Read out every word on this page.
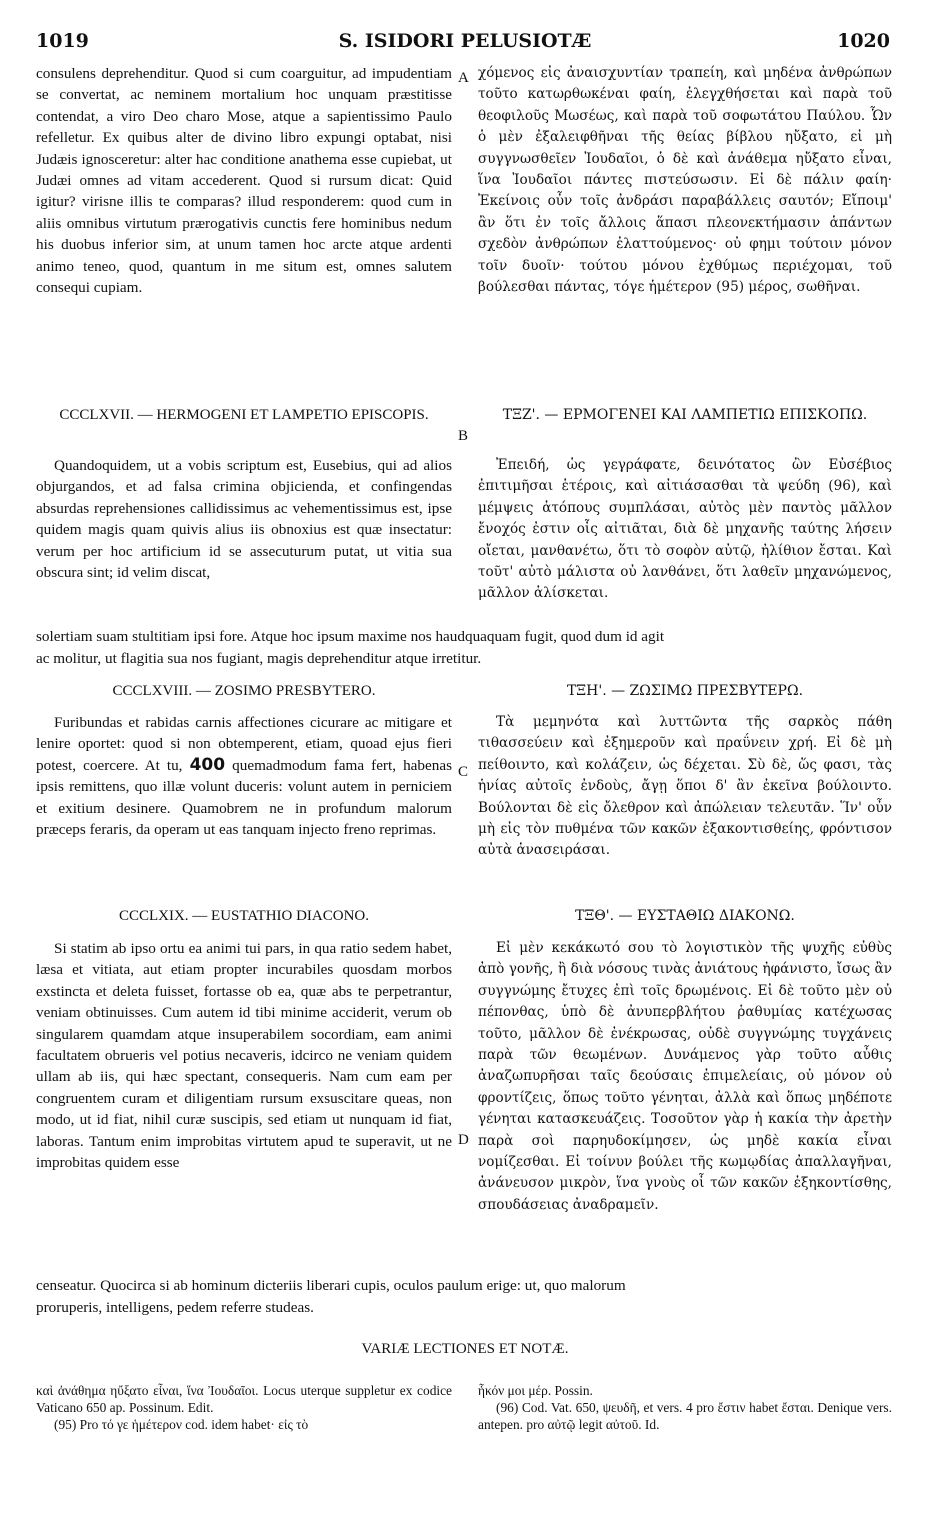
1019	S. ISIDORI PELUSIOTÆ	1020

consulens deprehenditur. Quod si cum coarguitur, ad impudentiam se convertat, ac neminem mortalium hoc unquam præstitisse contendat, a viro Deo charo Mose, atque a sapientissimo Paulo refelletur. Ex quibus alter de divino libro expungi optabat, nisi Judæis ignosceretur: alter hac conditione anathema esse cupiebat, ut Judæi omnes ad vitam accederent. Quod si rursum dicat: Quid igitur? virisne illis te comparas? illud responderem: quod cum in aliis omnibus virtutum prærogativis cunctis fere hominibus nedum his duobus inferior sim, at unum tamen hoc arcte atque ardenti animo teneo, quod, quantum in me situm est, omnes salutem consequi cupiam.

A χόμενος εἰς ἀναισχυντίαν τραπείη, καὶ μηδένα ἀνθρώπων τοῦτο κατωρθωκέναι φαίη, ἐλεγχθήσεται καὶ παρὰ τοῦ θεοφιλοῦς Μωσέως, καὶ παρὰ τοῦ σοφωτάτου Παύλου. Ὧν ὁ μὲν ἐξαλειφθῆναι τῆς θείας βίβλου ηὔξατο, εἰ μὴ συγγνωσθεῖεν Ἰουδαῖοι, ὁ δὲ καὶ ἀνάθεμα ηὔξατο εἶναι, ἵνα Ἰουδαῖοι πάντες πιστεύσωσιν. Εἰ δὲ πάλιν φαίη· Ἐκείνοις οὖν τοῖς ἀνδράσι παραβάλλεις σαυτόν; Εἴποιμ' ἂν ὅτι ἐν τοῖς ἄλλοις ἅπασι πλεονεκτήμασιν ἁπάντων σχεδὸν ἀνθρώπων ἐλαττούμενος· οὐ φημι τούτοιν μόνον τοῖν δυοῖν· τούτου μόνου ἐχθύμως περιέχομαι, τοῦ βούλεσθαι πάντας, τόγε ἡμέτερον (95) μέρος, σωθῆναι.

CCCLXVII. — HERMOGENI ET LAMPETIO EPISCOPIS.
B
ΤΞΖ'. — ΕΡΜΟΓΕΝΕΙ ΚΑΙ ΛΑΜΠΕΤΙΩ ΕΠΙΣΚΟΠΩ.

Quandoquidem, ut a vobis scriptum est, Eusebius, qui ad alios objurgandos, et ad falsa crimina objicienda, et confingendas absurdas reprehensiones callidissimus ac vehementissimus est, ipse quidem magis quam quivis alius iis obnoxius est quæ insectatur: verum per hoc artificium id se assecuturum putat, ut vitia sua obscura sint; id velim discat,

Ἐπειδή, ὡς γεγράφατε, δεινότατος ὢν Εὐσέβιος ἐπιτιμῆσαι ἑτέροις, καὶ αἰτιάσασθαι τὰ ψεύδη (96), καὶ μέμψεις ἀτόπους συμπλάσαι, αὐτὸς μὲν παντὸς μᾶλλον ἔνοχός ἐστιν οἷς αἰτιᾶται, διὰ δὲ μηχανῆς ταύτης λήσειν οἴεται, μανθανέτω, ὅτι τὸ σοφὸν αὐτῷ, ἠλίθιον ἔσται. Καὶ τοῦτ' αὐτὸ μάλιστα οὐ λανθάνει, ὅτι λαθεῖν μηχανώμενος, μᾶλλον ἁλίσκεται.

solertiam suam stultitiam ipsi fore. Atque hoc ipsum maxime nos haudquaquam fugit, quod dum id agit
ac molitur, ut flagitia sua nos fugiant, magis deprehenditur atque irretitur.
CCCLXVIII. — ZOSIMO PRESBYTERO.	ΤΞΗ'. — ΖΩΣΙΜΩ ΠΡΕΣΒΥΤΕΡΩ.

Furibundas et rabidas carnis affectiones cicurare ac mitigare et lenire oportet: quod si non obtemperent, etiam, quoad ejus fieri potest, coercere. At tu, 400 quemadmodum fama fert, habenas ipsis remittens, quo illæ volunt duceris: volunt autem in perniciem et exitium desinere. Quamobrem ne in profundum malorum præceps feraris, da operam ut eas tanquam injecto freno reprimas.

C

Τὰ μεμηνότα καὶ λυττῶντα τῆς σαρκὸς πάθη τιθασσεύειν καὶ ἐξημεροῦν καὶ πραΰνειν χρή. Εἰ δὲ μὴ πείθοιντο, καὶ κολάζειν, ὡς δέχεται. Σὺ δὲ, ὥς φασι, τὰς ἡνίας αὐτοῖς ἐνδοὺς, ἄγῃ ὅποι δ' ἂν ἐκεῖνα βούλοιντο. Βούλονται δὲ εἰς ὄλεθρον καὶ ἀπώλειαν τελευτᾶν. Ἵν' οὖν μὴ εἰς τὸν πυθμένα τῶν κακῶν ἐξακοντισθείης, φρόντισον αὐτὰ ἀνασειράσαι.

CCCLXIX. — EUSTATHIO DIACONO.	ΤΞΘ'. — ΕΥΣΤΑΘΙΩ ΔΙΑΚΟΝΩ.

Si statim ab ipso ortu ea animi tui pars, in qua ratio sedem habet, læsa et vitiata, aut etiam propter incurabiles quosdam morbos exstincta et deleta fuisset, fortasse ob ea, quæ abs te perpetrantur, veniam obtinuisses. Cum autem id tibi minime acciderit, verum ob singularem quamdam atque insuperabilem socordiam, eam animi facultatem obrueris vel potius necaveris, idcirco ne veniam quidem ullam ab iis, qui hæc spectant, consequeris. Nam cum eam per congruentem curam et diligentiam rursum exsuscitare queas, non modo, ut id fiat, nihil curæ suscipis, sed etiam ut nunquam id fiat, laboras. Tantum enim improbitas virtutem apud te superavit, ut ne improbitas quidem esse

D

Εἰ μὲν κεκάκωτό σου τὸ λογιστικὸν τῆς ψυχῆς εὐθὺς ἀπὸ γονῆς, ἢ διὰ νόσους τινὰς ἀνιάτους ἠφάνιστο, ἴσως ἂν συγγνώμης ἔτυχες ἐπὶ τοῖς δρωμένοις. Εἰ δὲ τοῦτο μὲν οὐ πέπονθας, ὑπὸ δὲ ἀνυπερβλήτου ῥαθυμίας κατέχωσας τοῦτο, μᾶλλον δὲ ἐνέκρωσας, οὐδὲ συγγνώμης τυγχάνεις παρὰ τῶν θεωμένων. Δυνάμενος γὰρ τοῦτο αὖθις ἀναζωπυρῆσαι ταῖς δεούσαις ἐπιμελείαις, οὐ μόνον οὐ φροντίζεις, ὅπως τοῦτο γένηται, ἀλλὰ καὶ ὅπως μηδέποτε γένηται κατασκευάζεις. Τοσοῦτον γὰρ ἡ κακία τὴν ἀρετὴν παρὰ σοὶ παρηυδοκίμησεν, ὡς μηδὲ κακία εἶναι νομίζεσθαι. Εἰ τοίνυν βούλει τῆς κωμῳδίας ἀπαλλαγῆναι, ἀνάνευσον μικρὸν, ἵνα γνοὺς οἷ τῶν κακῶν ἐξηκοντίσθης, σπουδάσειας ἀναδραμεῖν.

censeatur. Quocirca si ab hominum dicteriis liberari cupis, oculos paulum erige: ut, quo malorum
proruperis, intelligens, pedem referre studeas.
VARIÆ LECTIONES ET NOTÆ.

καὶ ἀνάθημα ηὔξατο εἶναι, ἵνα Ἰουδαῖοι. Locus uterque suppletur ex codice Vaticano 650 ap. Possinum. Edit.

(95) Pro τό γε ἡμέτερον cod. idem habet· εἰς τὸ

ἧκόν μοι μέρ. Possin.

(96) Cod. Vat. 650, ψευδῆ, et vers. 4 pro ἔστιν habet ἔσται. Denique vers. antepen. pro αὐτῷ legit αὐτοῦ. Id.
